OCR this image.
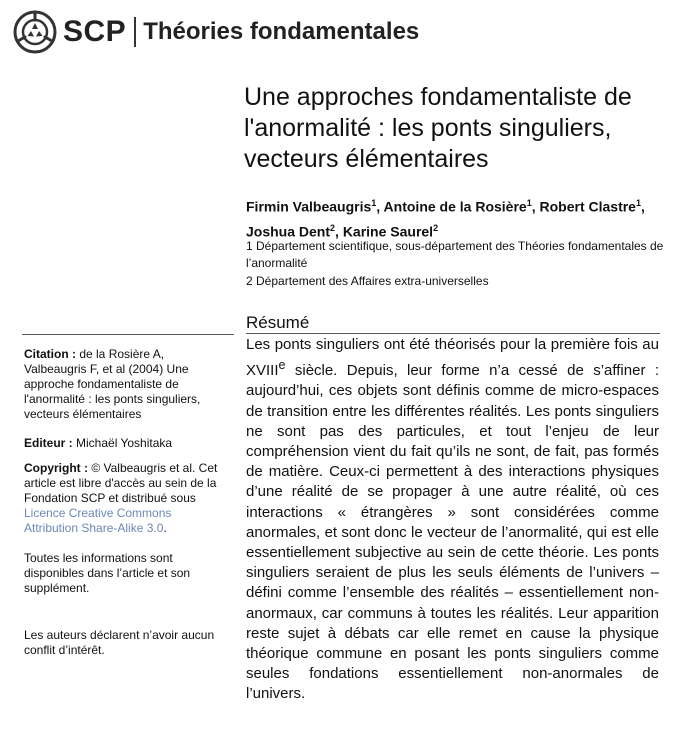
SCP Théories fondamentales
Une approches fondamentaliste de l'anormalité : les ponts singuliers, vecteurs élémentaires
Firmin Valbeaugris$^1$, Antoine de la Rosière$^1$, Robert Clastre$^1$, Joshua Dent$^2$, Karine Saurel$^2$
1 Département scientifique, sous-département des Théories fondamentales de l’anormalité
2 Département des Affaires extra-universelles
Résumé

Les ponts singuliers ont été théorisés pour la première fois au XVIIIe siècle. Depuis, leur forme n’a cessé de s’affiner : aujourd’hui, ces objets sont définis comme de micro-espaces de transition entre les différentes réalités. Les ponts singuliers ne sont pas des particules, et tout l’enjeu de leur compréhension vient du fait qu’ils ne sont, de fait, pas formés de matière. Ceux-ci permettent à des interactions physiques d’une réalité de se propager à une autre réalité, où ces interactions « étrangères » sont considérées comme anormales, et sont donc le vecteur de l’anormalité, qui est elle essentiellement subjective au sein de cette théorie. Les ponts singuliers seraient de plus les seuls éléments de l’univers – défini comme l’ensemble des réalités – essentiellement non-anormaux, car communs à toutes les réalités. Leur apparition reste sujet à débats car elle remet en cause la physique théorique commune en posant les ponts singuliers comme seules fondations essentiellement non-anormales de l’univers.

Citation : de la Rosière A, Valbeaugris F, et al (2004) Une approche fondamentaliste de l'anormalité : les ponts singuliers, vecteurs élémentaires

Editeur : Michaël Yoshitaka

Copyright : © Valbeaugris et al. Cet article est libre d'accès au sein de la Fondation SCP et distribué sous Licence Creative Commons Attribution Share-Alike 3.0.

Toutes les informations sont disponibles dans l’article et son supplément.

Les auteurs déclarent n’avoir aucun conflit d’intérêt.
